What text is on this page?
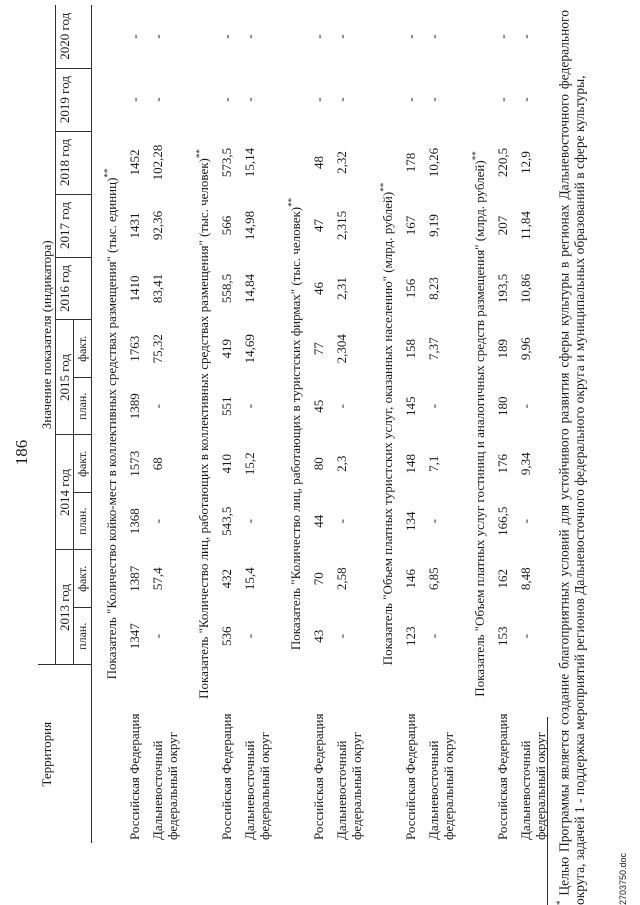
186
Территория	Значение показателя (индикатора)										
	2013 год		2014 год		2015 год		2016 год	2017 год	2018 год	2019 год	2020 год
	план.	факт.	план.	факт.	план.	факт.					
Показатель "Количество койко-мест в коллективных средствах размещения" (тыс. единиц)**
Российская Федерация	1347	1387	1368	1573	1389	1763	1410	1431	1452	-	-
Дальневосточный федеральный округ	-	57,4	-	68	-	75,32	83,41	92,36	102,28	-	-
Показатель "Количество лиц, работающих в коллективных средствах размещения" (тыс. человек)**
Российская Федерация	536	432	543,5	410	551	419	558,5	566	573,5	-	-
Дальневосточный федеральный округ	-	15,4	-	15,2	-	14,69	14,84	14,98	15,14	-	-
Показатель "Количество лиц, работающих в туристских фирмах" (тыс. человек)**
Российская Федерация	43	70	44	80	45	77	46	47	48	-	-
Дальневосточный федеральный округ	-	2,58	-	2,3	-	2,304	2,31	2,315	2,32	-	-
Показатель "Объем платных туристских услуг, оказанных населению" (млрд. рублей)**
Российская Федерация	123	146	134	148	145	158	156	167	178	-	-
Дальневосточный федеральный округ	-	6,85	-	7,1	-	7,37	8,23	9,19	10,26	-	-
Показатель "Объем платных услуг гостиниц и аналогичных средств размещения" (млрд. рублей)**
Российская Федерация	153	162	166,5	176	180	189	193,5	207	220,5	-	-
Дальневосточный федеральный округ	-	8,48	-	9,34	-	9,96	10,86	11,84	12,9	-	-

* Целью Программы является создание благоприятных условий для устойчивого развития сферы культуры в регионах Дальневосточного федерального округа, задачей 1 - поддержка мероприятий регионов Дальневосточного федерального округа и муниципальных образований в сфере культуры,	2703750.doc
